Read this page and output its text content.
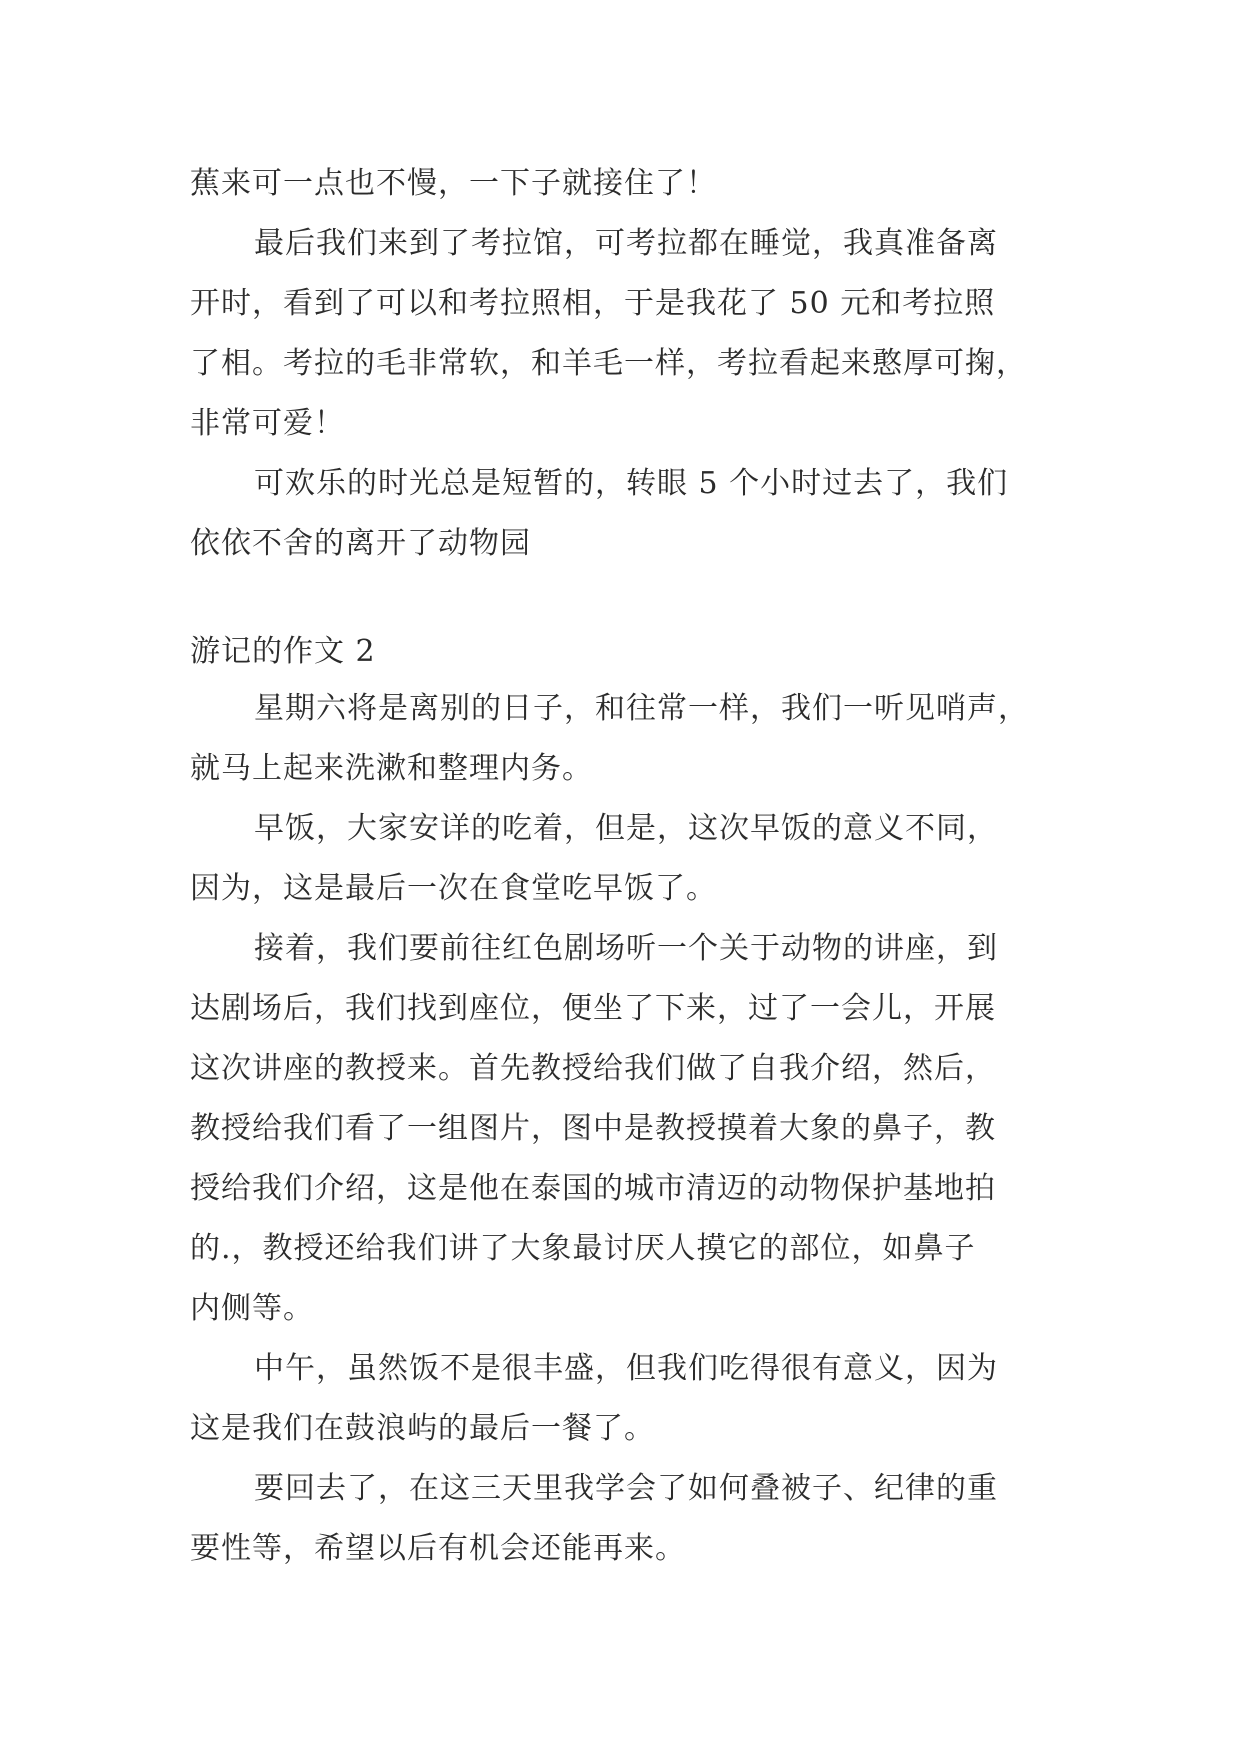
蕉来可一点也不慢，一下子就接住了！

最后我们来到了考拉馆，可考拉都在睡觉，我真准备离
开时，看到了可以和考拉照相，于是我花了 50 元和考拉照
了相。考拉的毛非常软，和羊毛一样，考拉看起来憨厚可掬，
非常可爱！

可欢乐的时光总是短暂的，转眼 5 个小时过去了，我们
依依不舍的离开了动物园

游记的作文 2

星期六将是离别的日子，和往常一样，我们一听见哨声，
就马上起来洗漱和整理内务。

早饭，大家安详的吃着，但是，这次早饭的意义不同，
因为，这是最后一次在食堂吃早饭了。

接着，我们要前往红色剧场听一个关于动物的讲座，到
达剧场后，我们找到座位，便坐了下来，过了一会儿，开展
这次讲座的教授来。首先教授给我们做了自我介绍，然后，
教授给我们看了一组图片，图中是教授摸着大象的鼻子，教
授给我们介绍，这是他在泰国的城市清迈的动物保护基地拍
的.，教授还给我们讲了大象最讨厌人摸它的部位，如鼻子
内侧等。

中午，虽然饭不是很丰盛，但我们吃得很有意义，因为
这是我们在鼓浪屿的最后一餐了。

要回去了，在这三天里我学会了如何叠被子、纪律的重
要性等，希望以后有机会还能再来。
